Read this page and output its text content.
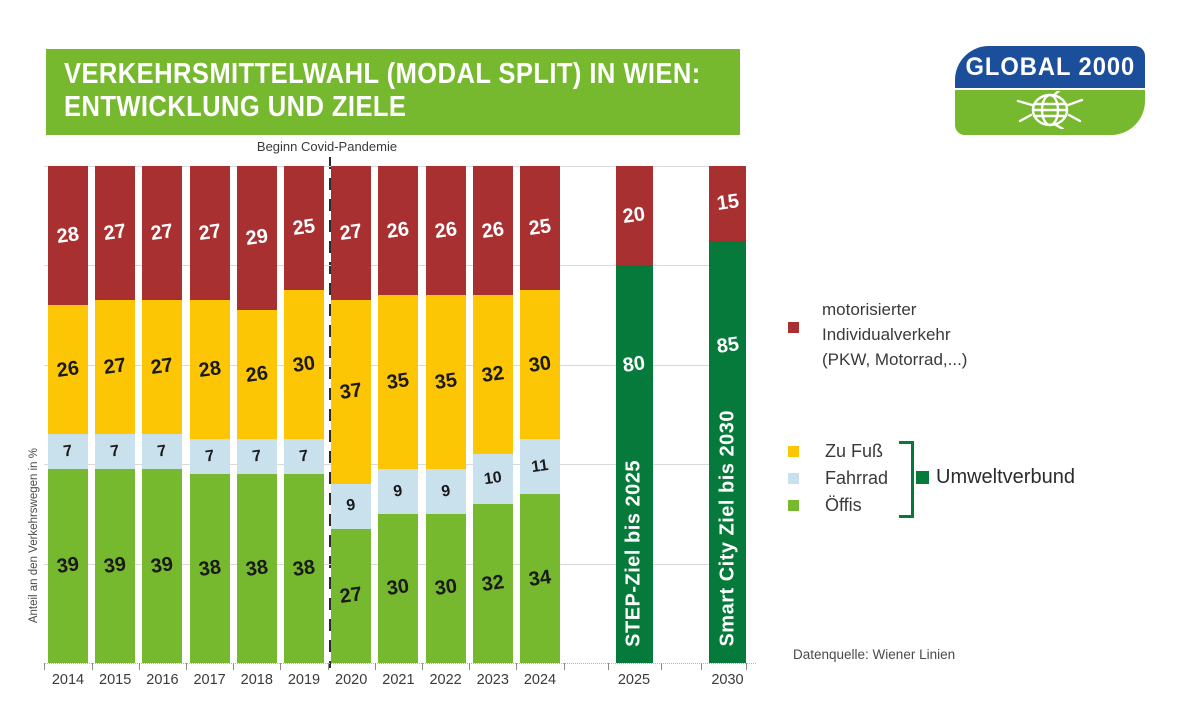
VERKEHRSMITTELWAHL (MODAL SPLIT) IN WIEN:
ENTWICKLUNG UND ZIELE
GLOBAL 2000
Anteil an den Verkehrswegen in %
Beginn Covid-Pandemie
39
7
26
28
2014
39
7
27
27
2015
39
7
27
27
2016
38
7
28
27
2017
38
7
26
29
2018
38
7
30
25
2019
27
9
37
27
2020
30
9
35
26
2021
30
9
35
26
2022
32
10
32
26
2023
34
11
30
25
2024
80
STEP-Ziel bis 2025
20
2025
85
Smart City Ziel bis 2030
15
2030
motorisierter
Individualverkehr
(PKW, Motorrad,...)
Zu Fuß
Fahrrad
Öffis
Umweltverbund
Datenquelle: Wiener Linien
